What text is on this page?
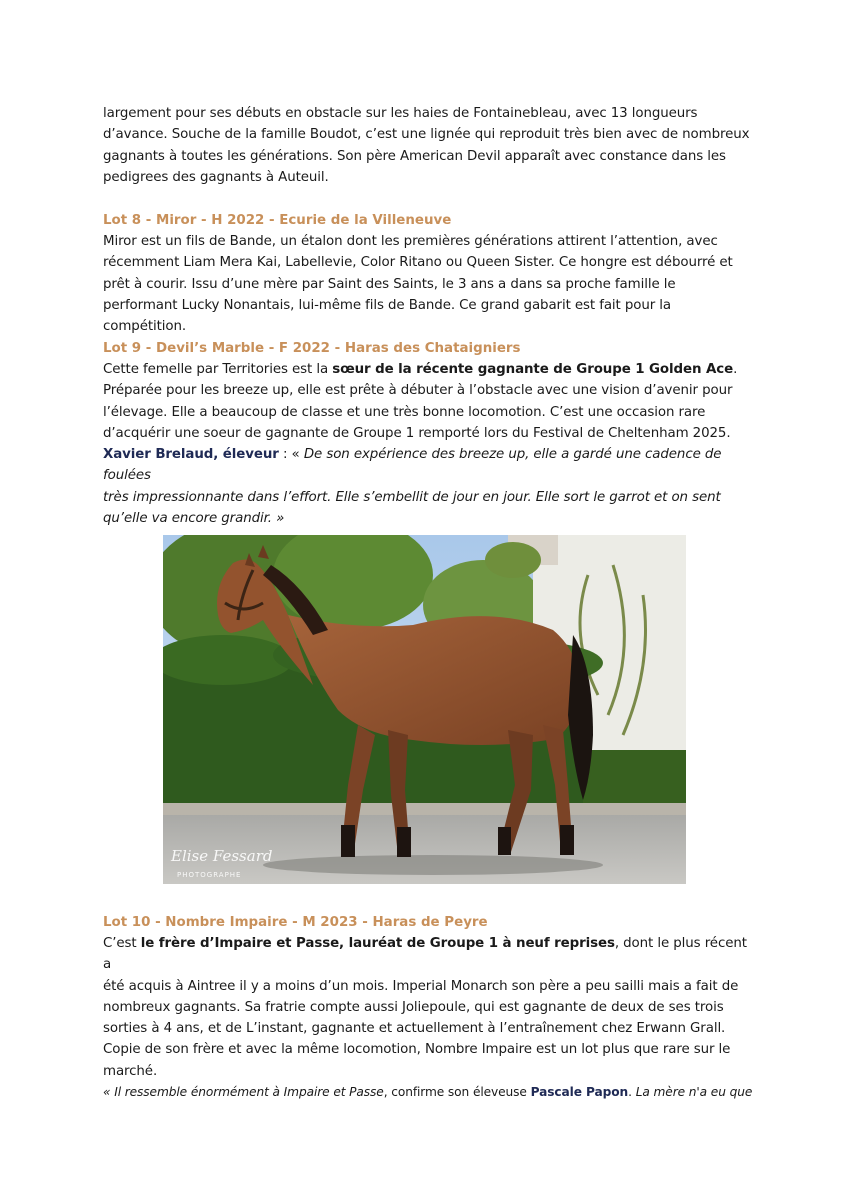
largement pour ses débuts en obstacle sur les haies de Fontainebleau, avec 13 longueurs

d’avance. Souche de la famille Boudot, c’est une lignée qui reproduit très bien avec de nombreux

gagnants à toutes les générations. Son père American Devil apparaît avec constance dans les

pedigrees des gagnants à Auteuil.

Lot 8 - Miror - H 2022 - Ecurie de la Villeneuve

Miror est un fils de Bande, un étalon dont les premières générations attirent l’attention, avec

récemment Liam Mera Kai, Labellevie, Color Ritano ou Queen Sister. Ce hongre est débourré et

prêt à courir. Issu d’une mère par Saint des Saints, le 3 ans a dans sa proche famille le

performant Lucky Nonantais, lui-même fils de Bande. Ce grand gabarit est fait pour la compétition.

Lot 9 - Devil’s Marble - F 2022 - Haras des Chataigniers

Cette femelle par Territories est la sœur de la récente gagnante de Groupe 1 Golden Ace.

Préparée pour les breeze up, elle est prête à débuter à l’obstacle avec une vision d’avenir pour

l’élevage. Elle a beaucoup de classe et une très bonne locomotion. C’est une occasion rare

d’acquérir une soeur de gagnante de Groupe 1 remporté lors du Festival de Cheltenham 2025.

Xavier Brelaud, éleveur : « De son expérience des breeze up, elle a gardé une cadence de foulées

très impressionnante dans l’effort. Elle s’embellit de jour en jour. Elle sort le garrot et on sent

qu’elle va encore grandir. »

Elise Fessard
PHOTOGRAPHE
Lot 10 - Nombre Impaire - M 2023 - Haras de Peyre

C’est le frère d’Impaire et Passe, lauréat de Groupe 1 à neuf reprises, dont le plus récent a

été acquis à Aintree il y a moins d’un mois. Imperial Monarch son père a peu sailli mais a fait de

nombreux gagnants. Sa fratrie compte aussi Joliepoule, qui est gagnante de deux de ses trois

sorties à 4 ans, et de L’instant, gagnante et actuellement à l’entraînement chez Erwann Grall.

Copie de son frère et avec la même locomotion, Nombre Impaire est un lot plus que rare sur le

marché.

« Il ressemble énormément à Impaire et Passe, confirme son éleveuse Pascale Papon. La mère n'a eu que
